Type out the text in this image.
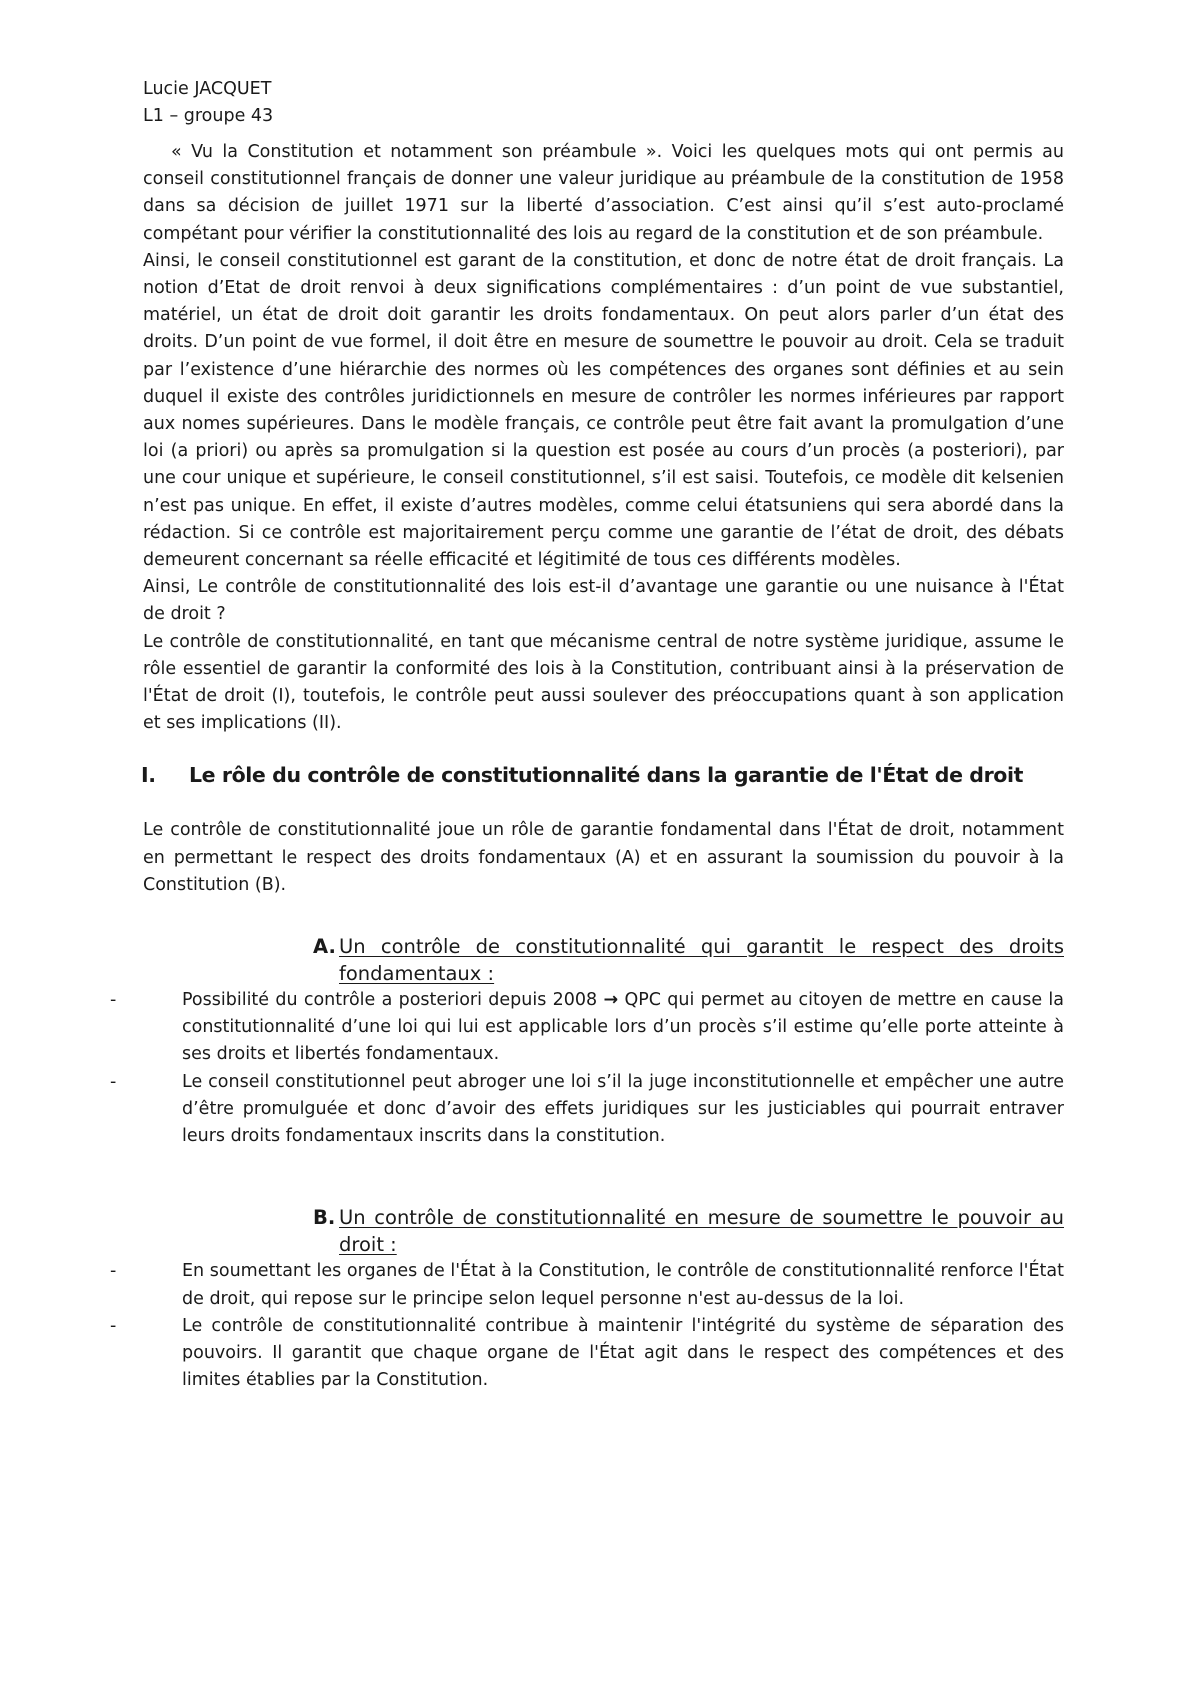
Lucie JACQUET

L1 – groupe 43

« Vu la Constitution et notamment son préambule ». Voici les quelques mots qui ont permis au conseil constitutionnel français de donner une valeur juridique au préambule de la constitution de 1958 dans sa décision de juillet 1971 sur la liberté d’association. C’est ainsi qu’il s’est auto-proclamé compétant pour vérifier la constitutionnalité des lois au regard de la constitution et de son préambule.

Ainsi, le conseil constitutionnel est garant de la constitution, et donc de notre état de droit français. La notion d’Etat de droit renvoi à deux significations complémentaires : d’un point de vue substantiel, matériel, un état de droit doit garantir les droits fondamentaux. On peut alors parler d’un état des droits. D’un point de vue formel, il doit être en mesure de soumettre le pouvoir au droit. Cela se traduit par l’existence d’une hiérarchie des normes où les compétences des organes sont définies et au sein duquel il existe des contrôles juridictionnels en mesure de contrôler les normes inférieures par rapport aux nomes supérieures. Dans le modèle français, ce contrôle peut être fait avant la promulgation d’une loi (a priori) ou après sa promulgation si la question est posée au cours d’un procès (a posteriori), par une cour unique et supérieure, le conseil constitutionnel, s’il est saisi. Toutefois, ce modèle dit kelsenien n’est pas unique. En effet, il existe d’autres modèles, comme celui étatsuniens qui sera abordé dans la rédaction. Si ce contrôle est majoritairement perçu comme une garantie de l’état de droit, des débats demeurent concernant sa réelle efficacité et légitimité de tous ces différents modèles.

Ainsi, Le contrôle de constitutionnalité des lois est-il d’avantage une garantie ou une nuisance à l'État de droit ?

Le contrôle de constitutionnalité, en tant que mécanisme central de notre système juridique, assume le rôle essentiel de garantir la conformité des lois à la Constitution, contribuant ainsi à la préservation de l'État de droit (I), toutefois, le contrôle peut aussi soulever des préoccupations quant à son application et ses implications (II).

I.	Le rôle du contrôle de constitutionnalité dans la garantie de l'État de droit

Le contrôle de constitutionnalité joue un rôle de garantie fondamental dans l'État de droit, notamment en permettant le respect des droits fondamentaux (A) et en assurant la soumission du pouvoir à la Constitution (B).

A. Un contrôle de constitutionnalité qui garantit le respect des droits fondamentaux :
-	Possibilité du contrôle a posteriori depuis 2008 → QPC qui permet au citoyen de mettre en cause la constitutionnalité d’une loi qui lui est applicable lors d’un procès s’il estime qu’elle porte atteinte à ses droits et libertés fondamentaux.
-	Le conseil constitutionnel peut abroger une loi s’il la juge inconstitutionnelle et empêcher une autre d’être promulguée et donc d’avoir des effets juridiques sur les justiciables qui pourrait entraver leurs droits fondamentaux inscrits dans la constitution.
B. Un contrôle de constitutionnalité en mesure de soumettre le pouvoir au droit :
-	En soumettant les organes de l'État à la Constitution, le contrôle de constitutionnalité renforce l'État de droit, qui repose sur le principe selon lequel personne n'est au-dessus de la loi.
-	Le contrôle de constitutionnalité contribue à maintenir l'intégrité du système de séparation des pouvoirs. Il garantit que chaque organe de l'État agit dans le respect des compétences et des limites établies par la Constitution.
